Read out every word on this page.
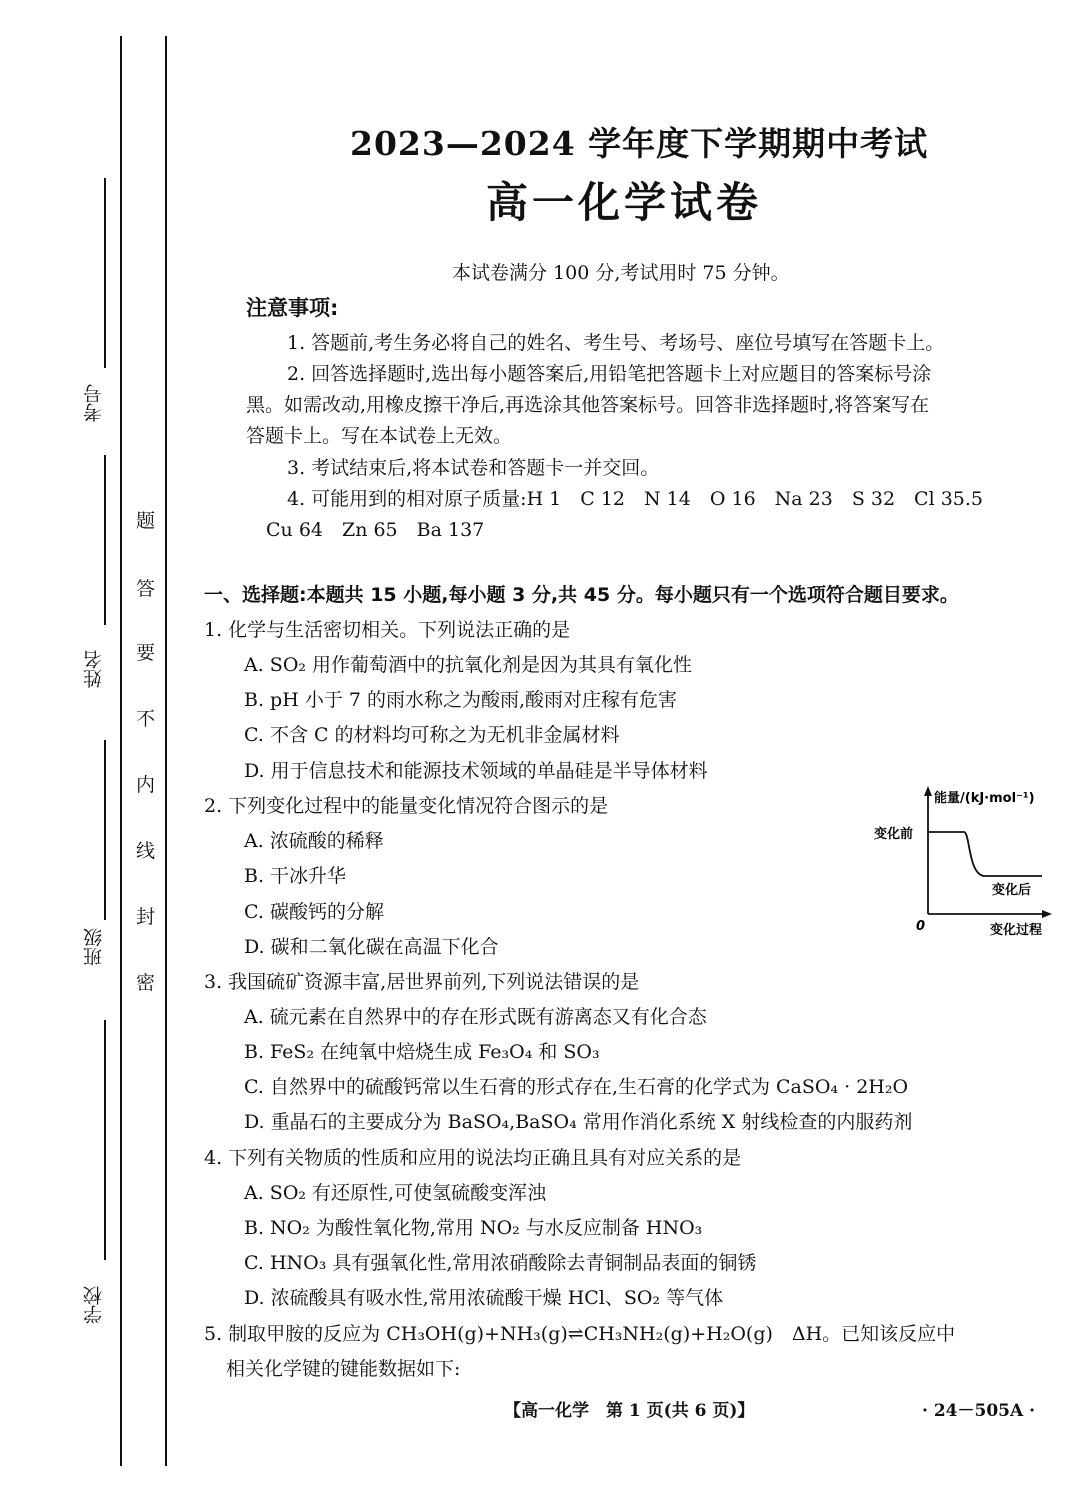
考号
姓名
班级
学校
题
答
要
不
内
线
封
密
2023—2024 学年度下学期期中考试
高一化学试卷
本试卷满分 100 分,考试用时 75 分钟。
注意事项:
1. 答题前,考生务必将自己的姓名、考生号、考场号、座位号填写在答题卡上。
2. 回答选择题时,选出每小题答案后,用铅笔把答题卡上对应题目的答案标号涂
黑。如需改动,用橡皮擦干净后,再选涂其他答案标号。回答非选择题时,将答案写在
答题卡上。写在本试卷上无效。
3. 考试结束后,将本试卷和答题卡一并交回。
4. 可能用到的相对原子质量:H 1　C 12　N 14　O 16　Na 23　S 32　Cl 35.5
Cu 64　Zn 65　Ba 137
一、选择题:本题共 15 小题,每小题 3 分,共 45 分。每小题只有一个选项符合题目要求。
1. 化学与生活密切相关。下列说法正确的是
A. SO₂ 用作葡萄酒中的抗氧化剂是因为其具有氧化性
B. pH 小于 7 的雨水称之为酸雨,酸雨对庄稼有危害
C. 不含 C 的材料均可称之为无机非金属材料
D. 用于信息技术和能源技术领域的单晶硅是半导体材料
2. 下列变化过程中的能量变化情况符合图示的是
A. 浓硫酸的稀释
B. 干冰升华
C. 碳酸钙的分解
D. 碳和二氧化碳在高温下化合
能量/(kJ·mol⁻¹)
变化前
变化后
0	变化过程
3. 我国硫矿资源丰富,居世界前列,下列说法错误的是
A. 硫元素在自然界中的存在形式既有游离态又有化合态
B. FeS₂ 在纯氧中焙烧生成 Fe₃O₄ 和 SO₃
C. 自然界中的硫酸钙常以生石膏的形式存在,生石膏的化学式为 CaSO₄ · 2H₂O
D. 重晶石的主要成分为 BaSO₄,BaSO₄ 常用作消化系统 X 射线检查的内服药剂
4. 下列有关物质的性质和应用的说法均正确且具有对应关系的是
A. SO₂ 有还原性,可使氢硫酸变浑浊
B. NO₂ 为酸性氧化物,常用 NO₂ 与水反应制备 HNO₃
C. HNO₃ 具有强氧化性,常用浓硝酸除去青铜制品表面的铜锈
D. 浓硫酸具有吸水性,常用浓硫酸干燥 HCl、SO₂ 等气体
5. 制取甲胺的反应为 CH₃OH(g)+NH₃(g)⇌CH₃NH₂(g)+H₂O(g)　ΔH。已知该反应中
相关化学键的键能数据如下:
【高一化学　第 1 页(共 6 页)】	· 24－505A ·
